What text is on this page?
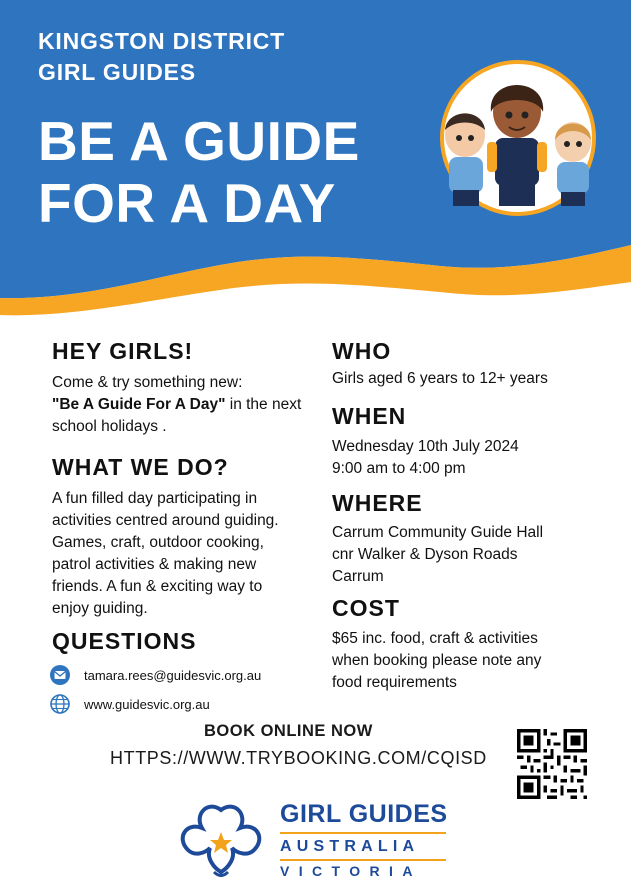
KINGSTON DISTRICT
GIRL GUIDES
BE A GUIDE
FOR A DAY
HEY GIRLS!
Come & try something new:
"Be A Guide For A Day" in the next school holidays .
WHAT WE DO?
A fun filled day participating in activities centred around guiding. Games, craft, outdoor cooking, patrol activities & making new friends. A fun & exciting way to enjoy guiding.
QUESTIONS
tamara.rees@guidesvic.org.au
www.guidesvic.org.au
WHO
Girls aged 6 years to 12+ years
WHEN
Wednesday 10th July 2024
9:00 am to 4:00 pm
WHERE
Carrum Community Guide Hall
cnr Walker & Dyson Roads
Carrum
COST
$65 inc. food, craft & activities
when booking please note any
food requirements
BOOK ONLINE NOW
HTTPS://WWW.TRYBOOKING.COM/CQISD
GIRL GUIDES
AUSTRALIA
VICTORIA
